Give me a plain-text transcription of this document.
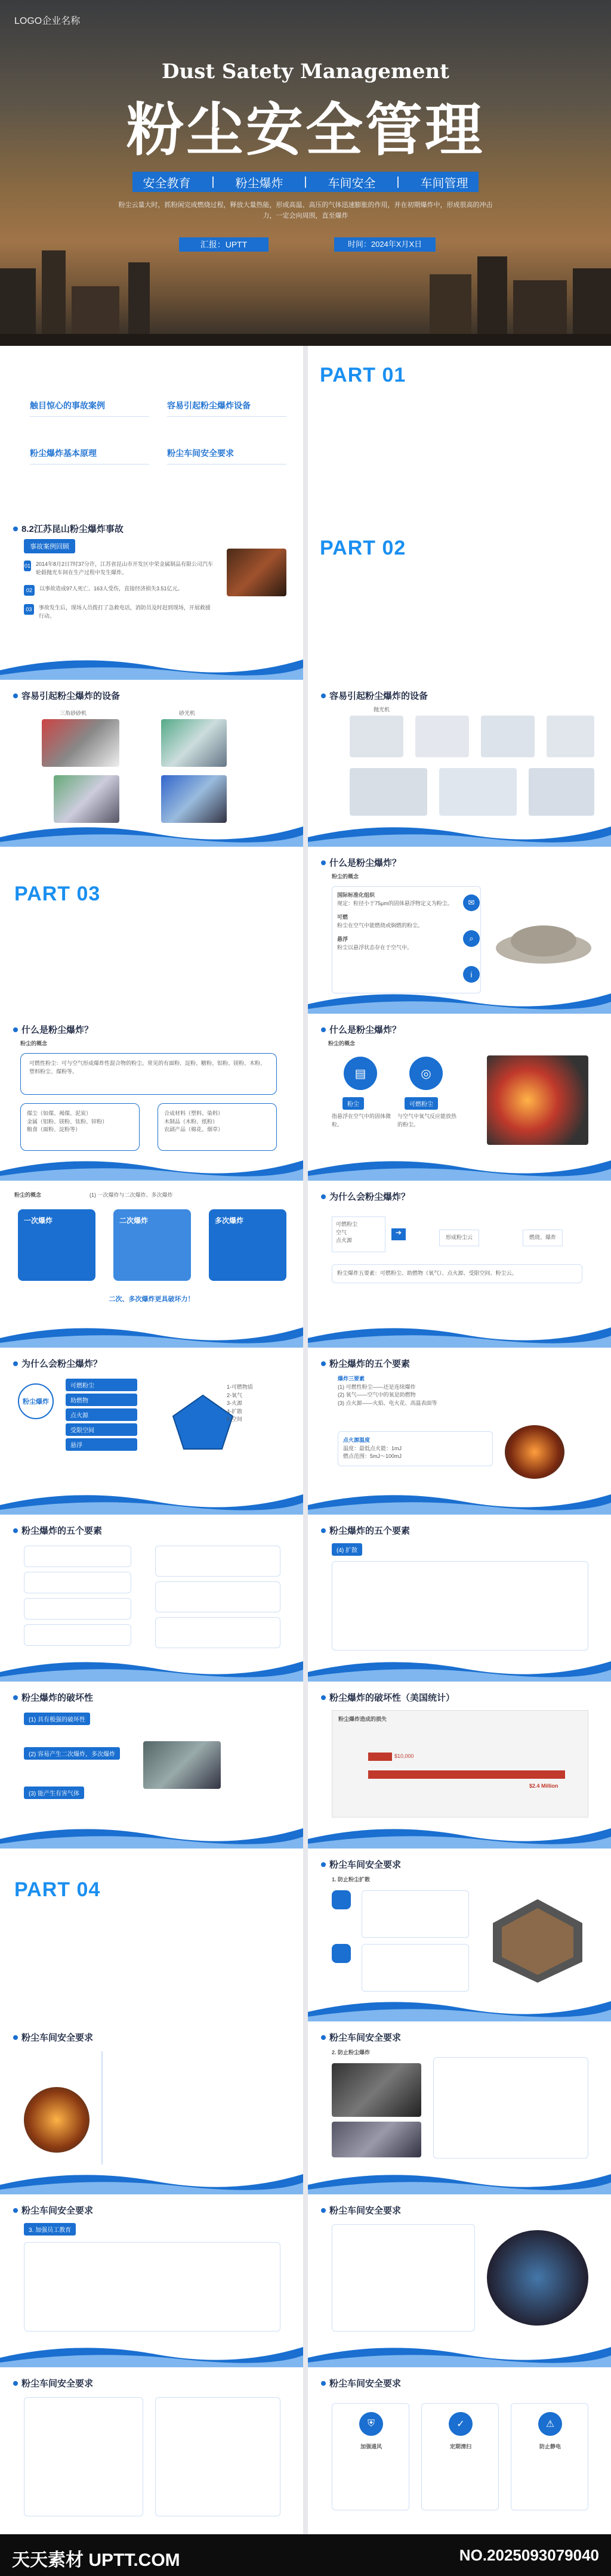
LOGO企业名称
Dust Satety Management
粉尘安全管理
安全教育 | 粉尘爆炸 | 车间安全 | 车间管理
粉尘云量大时，抓粉闲完成燃烧过程，释放大量热能，形成高温、高压的气体迅速膨胀的作用，并在初期爆炸中，形成很高的冲击力，一定会向周围，直至爆炸
汇报：UPTT	时间：2024年X月X日
目录 Contents
触目惊心的事故案例	容易引起粉尘爆炸设备
粉尘爆炸基本原理	粉尘车间安全要求
PART 01
触目惊心的事故案例
8.2江苏昆山粉尘爆炸事故
事故案例回顾
01 2014年8月2日7时37分许，江苏省昆山市开发区中荣金属制品有限公司汽车轮毂抛光车间在生产过程中发生爆炸。
02	以事故造成97人死亡、163人受伤，直接经济损失3.51亿元。
03	事故发生后，现场人员拨打了急救电话，消防员及时赶到现场，开展救援行动。
PART 02
容易引起粉尘爆炸的设备
容易引起粉尘爆炸的设备
三角砂砂机	砂光机
容易引起粉尘爆炸的设备
抛光机
PART 03
粉尘爆炸基本原理
什么是粉尘爆炸？
粉尘的概念
国际标准化组织
规定：粒径小于75μm的固体悬浮物定义为粉尘。
可燃
粉尘在空气中能燃烧或焖燃的粉尘。
悬浮
粉尘以悬浮状态存在于空气中。
✉
⌕
i
什么是粉尘爆炸？
粉尘的概念
可燃性粉尘：可与空气形成爆炸性混合物的粉尘。常见的有面粉、淀粉、糖粉、铝粉、镁粉、木粉、塑料粉尘、煤粉等。
煤尘（如煤、褐煤、泥炭）
金属（铝粉、镁粉、钛粉、锌粉）
粮食（面粉、淀粉等）
合成材料（塑料、染料）
木制品（木粉、纸粉）
农副产品（棉花、烟草）
什么是粉尘爆炸？
粉尘的概念
▤	◎
粉尘	可燃粉尘
指悬浮在空气中的固体微粒。
与空气中氧气反应能放热的粉尘。
粉尘的概念	(1) 一次爆炸与二次爆炸、多次爆炸
一次爆炸	二次爆炸	多次爆炸
二次、多次爆炸更具破坏力！
为什么会粉尘爆炸？
可燃粉尘
空气
点火源
➔
形成粉尘云	燃烧、爆炸
粉尘爆炸五要素：可燃粉尘、助燃物（氧气）、点火源、受限空间、粉尘云。
为什么会粉尘爆炸？
粉尘爆炸
可燃粉尘
助燃物
点火源
受限空间
悬浮
1-可燃物质
2-氧气
3-火源
4-扩散
5-空间
粉尘爆炸的五个要素
爆炸三要素
(1) 可燃性粉尘——还是连续爆炸
(2) 氧气——空气中的氧是助燃物
(3) 点火源——火焰、电火花、高温表面等
点火源温度
温度：最低点火能：1mJ
燃点范围：5mJ～100mJ
粉尘爆炸的五个要素	粉尘爆炸的五个要素
(4) 扩散
粉尘爆炸的破坏性
(1) 具有极强的破坏性
(2) 容易产生二次爆炸，多次爆炸
(3) 能产生有害气体
粉尘爆炸的破坏性（美国统计）
粉尘爆炸造成的损失
$10,000
$2.4 Million
PART 04
粉尘车间安全要求
粉尘车间安全要求
1. 防止粉尘扩散
粉尘车间安全要求	粉尘车间安全要求
2. 防止粉尘爆炸
粉尘车间安全要求
3. 加强员工教育
粉尘车间安全要求
粉尘车间安全要求	粉尘车间安全要求
⛨
加强通风
✓
定期清扫
⚠
防止静电
天天素材 UPTT.COM	NO.2025093079040
